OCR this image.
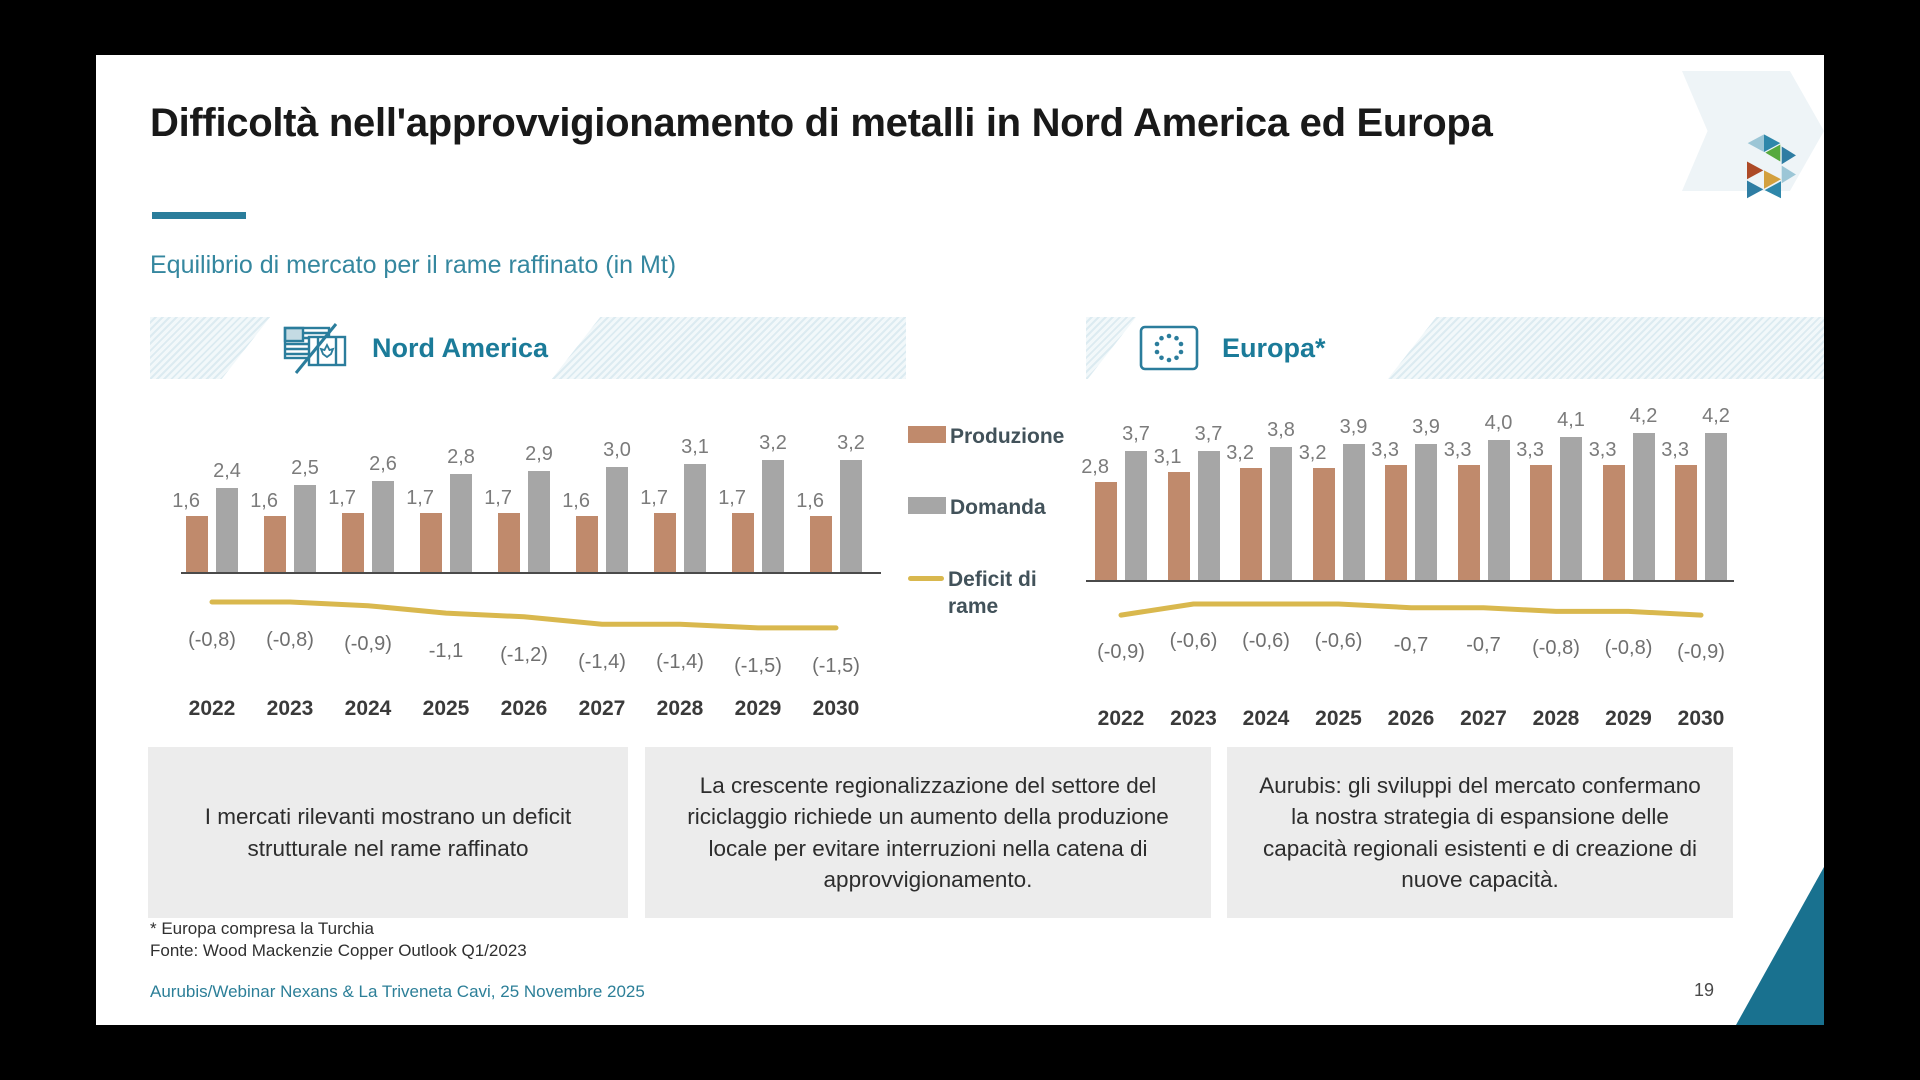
Difficoltà nell'approvvigionamento di metalli in Nord America ed Europa
Equilibrio di mercato per il rame raffinato (in Mt)
Nord America	Europa*
1,6
2,4
(-0,8)
2022
1,6
2,5
(-0,8)
2023
1,7
2,6
(-0,9)
2024
1,7
2,8
-1,1
2025
1,7
2,9
(-1,2)
2026
1,6
3,0
(-1,4)
2027
1,7
3,1
(-1,4)
2028
1,7
3,2
(-1,5)
2029
1,6
3,2
(-1,5)
2030
2,8
3,7
(-0,9)
2022
3,1
3,7
(-0,6)
2023
3,2
3,8
(-0,6)
2024
3,2
3,9
(-0,6)
2025
3,3
3,9
-0,7
2026
3,3
4,0
-0,7
2027
3,3
4,1
(-0,8)
2028
3,3
4,2
(-0,8)
2029
3,3
4,2
(-0,9)
2030
Produzione
Domanda
Deficit di rame
I mercati rilevanti mostrano un deficit strutturale nel rame raffinato
La crescente regionalizzazione del settore del riciclaggio richiede un aumento della produzione locale per evitare interruzioni nella catena di approvvigionamento.
Aurubis: gli sviluppi del mercato confermano la nostra strategia di espansione delle capacità regionali esistenti e di creazione di nuove capacità.
* Europa compresa la Turchia
Fonte: Wood Mackenzie Copper Outlook Q1/2023
Aurubis/Webinar Nexans & La Triveneta Cavi, 25 Novembre 2025	19
